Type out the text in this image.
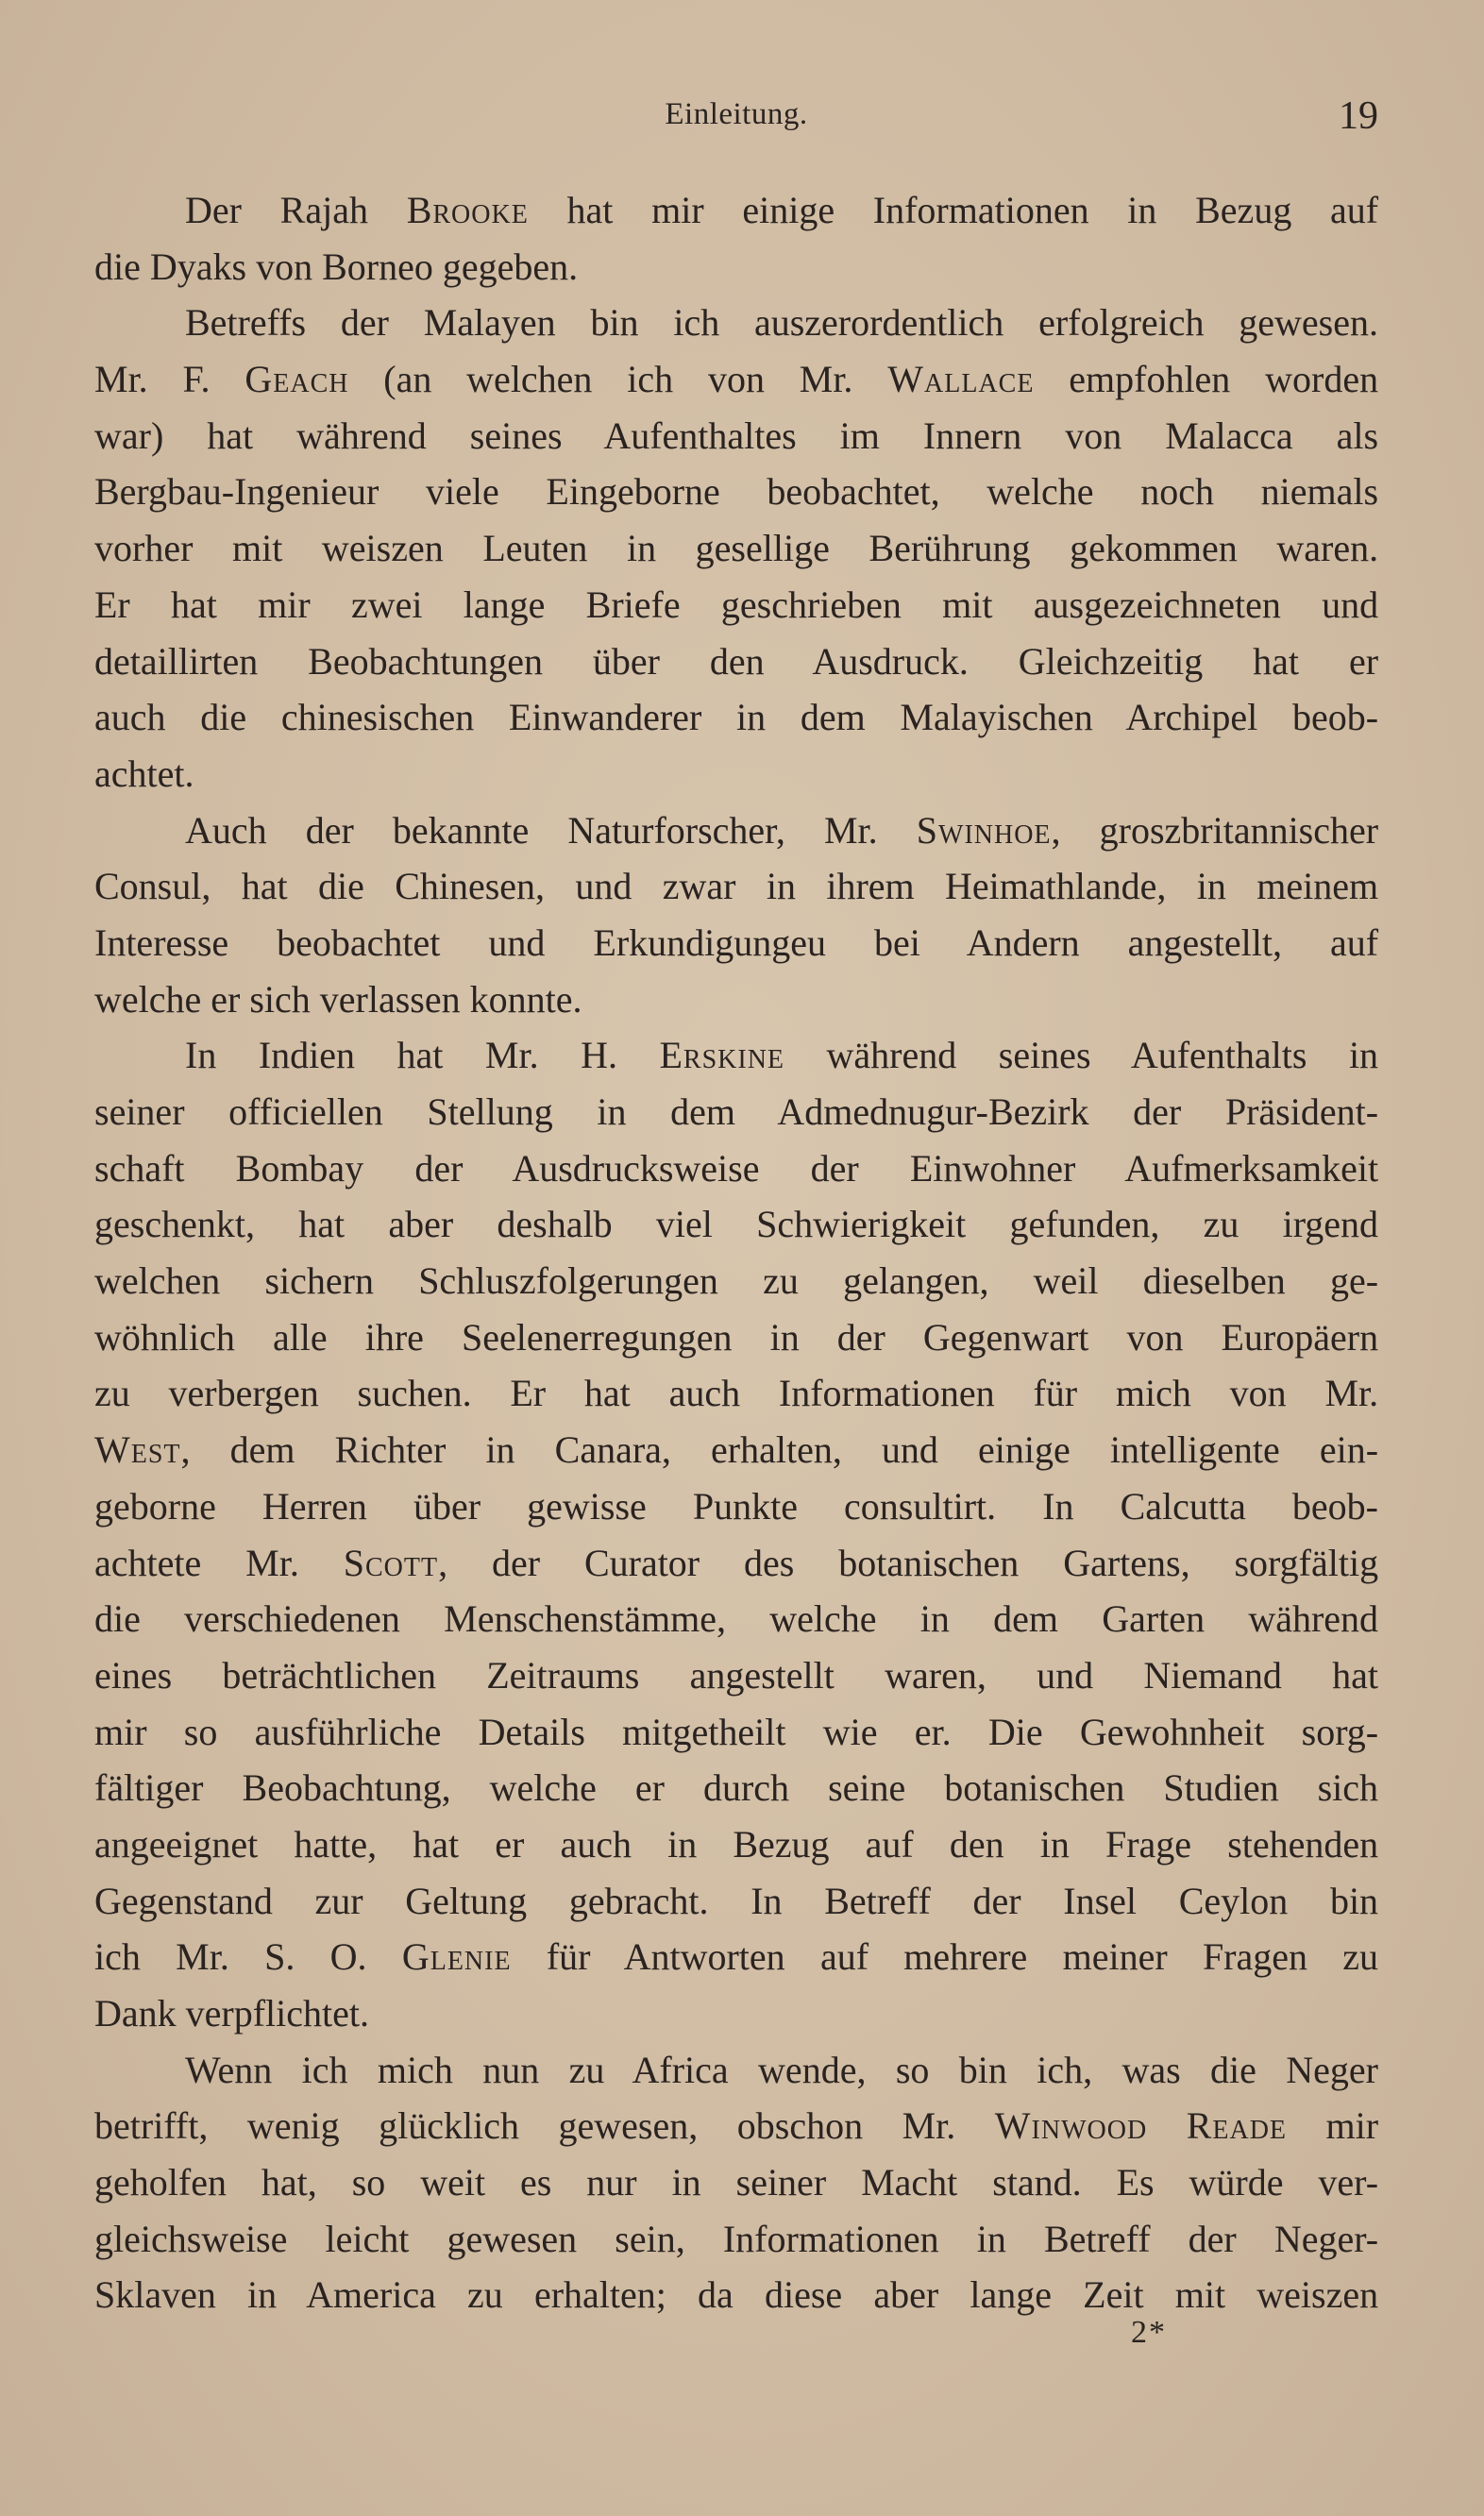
Einleitung.	19
Der Rajah Brooke hat mir einige Informationen in Bezug auf
die Dyaks von Borneo gegeben.
Betreffs der Malayen bin ich auszerordentlich erfolgreich gewesen.
Mr. F. Geach (an welchen ich von Mr. Wallace empfohlen worden
war) hat während seines Aufenthaltes im Innern von Malacca als
Bergbau-Ingenieur viele Eingeborne beobachtet, welche noch niemals
vorher mit weiszen Leuten in gesellige Berührung gekommen waren.
Er hat mir zwei lange Briefe geschrieben mit ausgezeichneten und
detaillirten Beobachtungen über den Ausdruck. Gleichzeitig hat er
auch die chinesischen Einwanderer in dem Malayischen Archipel beob-
achtet.
Auch der bekannte Naturforscher, Mr. Swinhoe, groszbritannischer
Consul, hat die Chinesen, und zwar in ihrem Heimathlande, in meinem
Interesse beobachtet und Erkundigungeu bei Andern angestellt, auf
welche er sich verlassen konnte.
In Indien hat Mr. H. Erskine während seines Aufenthalts in
seiner officiellen Stellung in dem Admednugur-Bezirk der Präsident-
schaft Bombay der Ausdrucksweise der Einwohner Aufmerksamkeit
geschenkt, hat aber deshalb viel Schwierigkeit gefunden, zu irgend
welchen sichern Schluszfolgerungen zu gelangen, weil dieselben ge-
wöhnlich alle ihre Seelenerregungen in der Gegenwart von Europäern
zu verbergen suchen. Er hat auch Informationen für mich von Mr.
West, dem Richter in Canara, erhalten, und einige intelligente ein-
geborne Herren über gewisse Punkte consultirt. In Calcutta beob-
achtete Mr. Scott, der Curator des botanischen Gartens, sorgfältig
die verschiedenen Menschenstämme, welche in dem Garten während
eines beträchtlichen Zeitraums angestellt waren, und Niemand hat
mir so ausführliche Details mitgetheilt wie er. Die Gewohnheit sorg-
fältiger Beobachtung, welche er durch seine botanischen Studien sich
angeeignet hatte, hat er auch in Bezug auf den in Frage stehenden
Gegenstand zur Geltung gebracht. In Betreff der Insel Ceylon bin
ich Mr. S. O. Glenie für Antworten auf mehrere meiner Fragen zu
Dank verpflichtet.
Wenn ich mich nun zu Africa wende, so bin ich, was die Neger
betrifft, wenig glücklich gewesen, obschon Mr. Winwood Reade mir
geholfen hat, so weit es nur in seiner Macht stand. Es würde ver-
gleichsweise leicht gewesen sein, Informationen in Betreff der Neger-
Sklaven in America zu erhalten; da diese aber lange Zeit mit weiszen
2*
